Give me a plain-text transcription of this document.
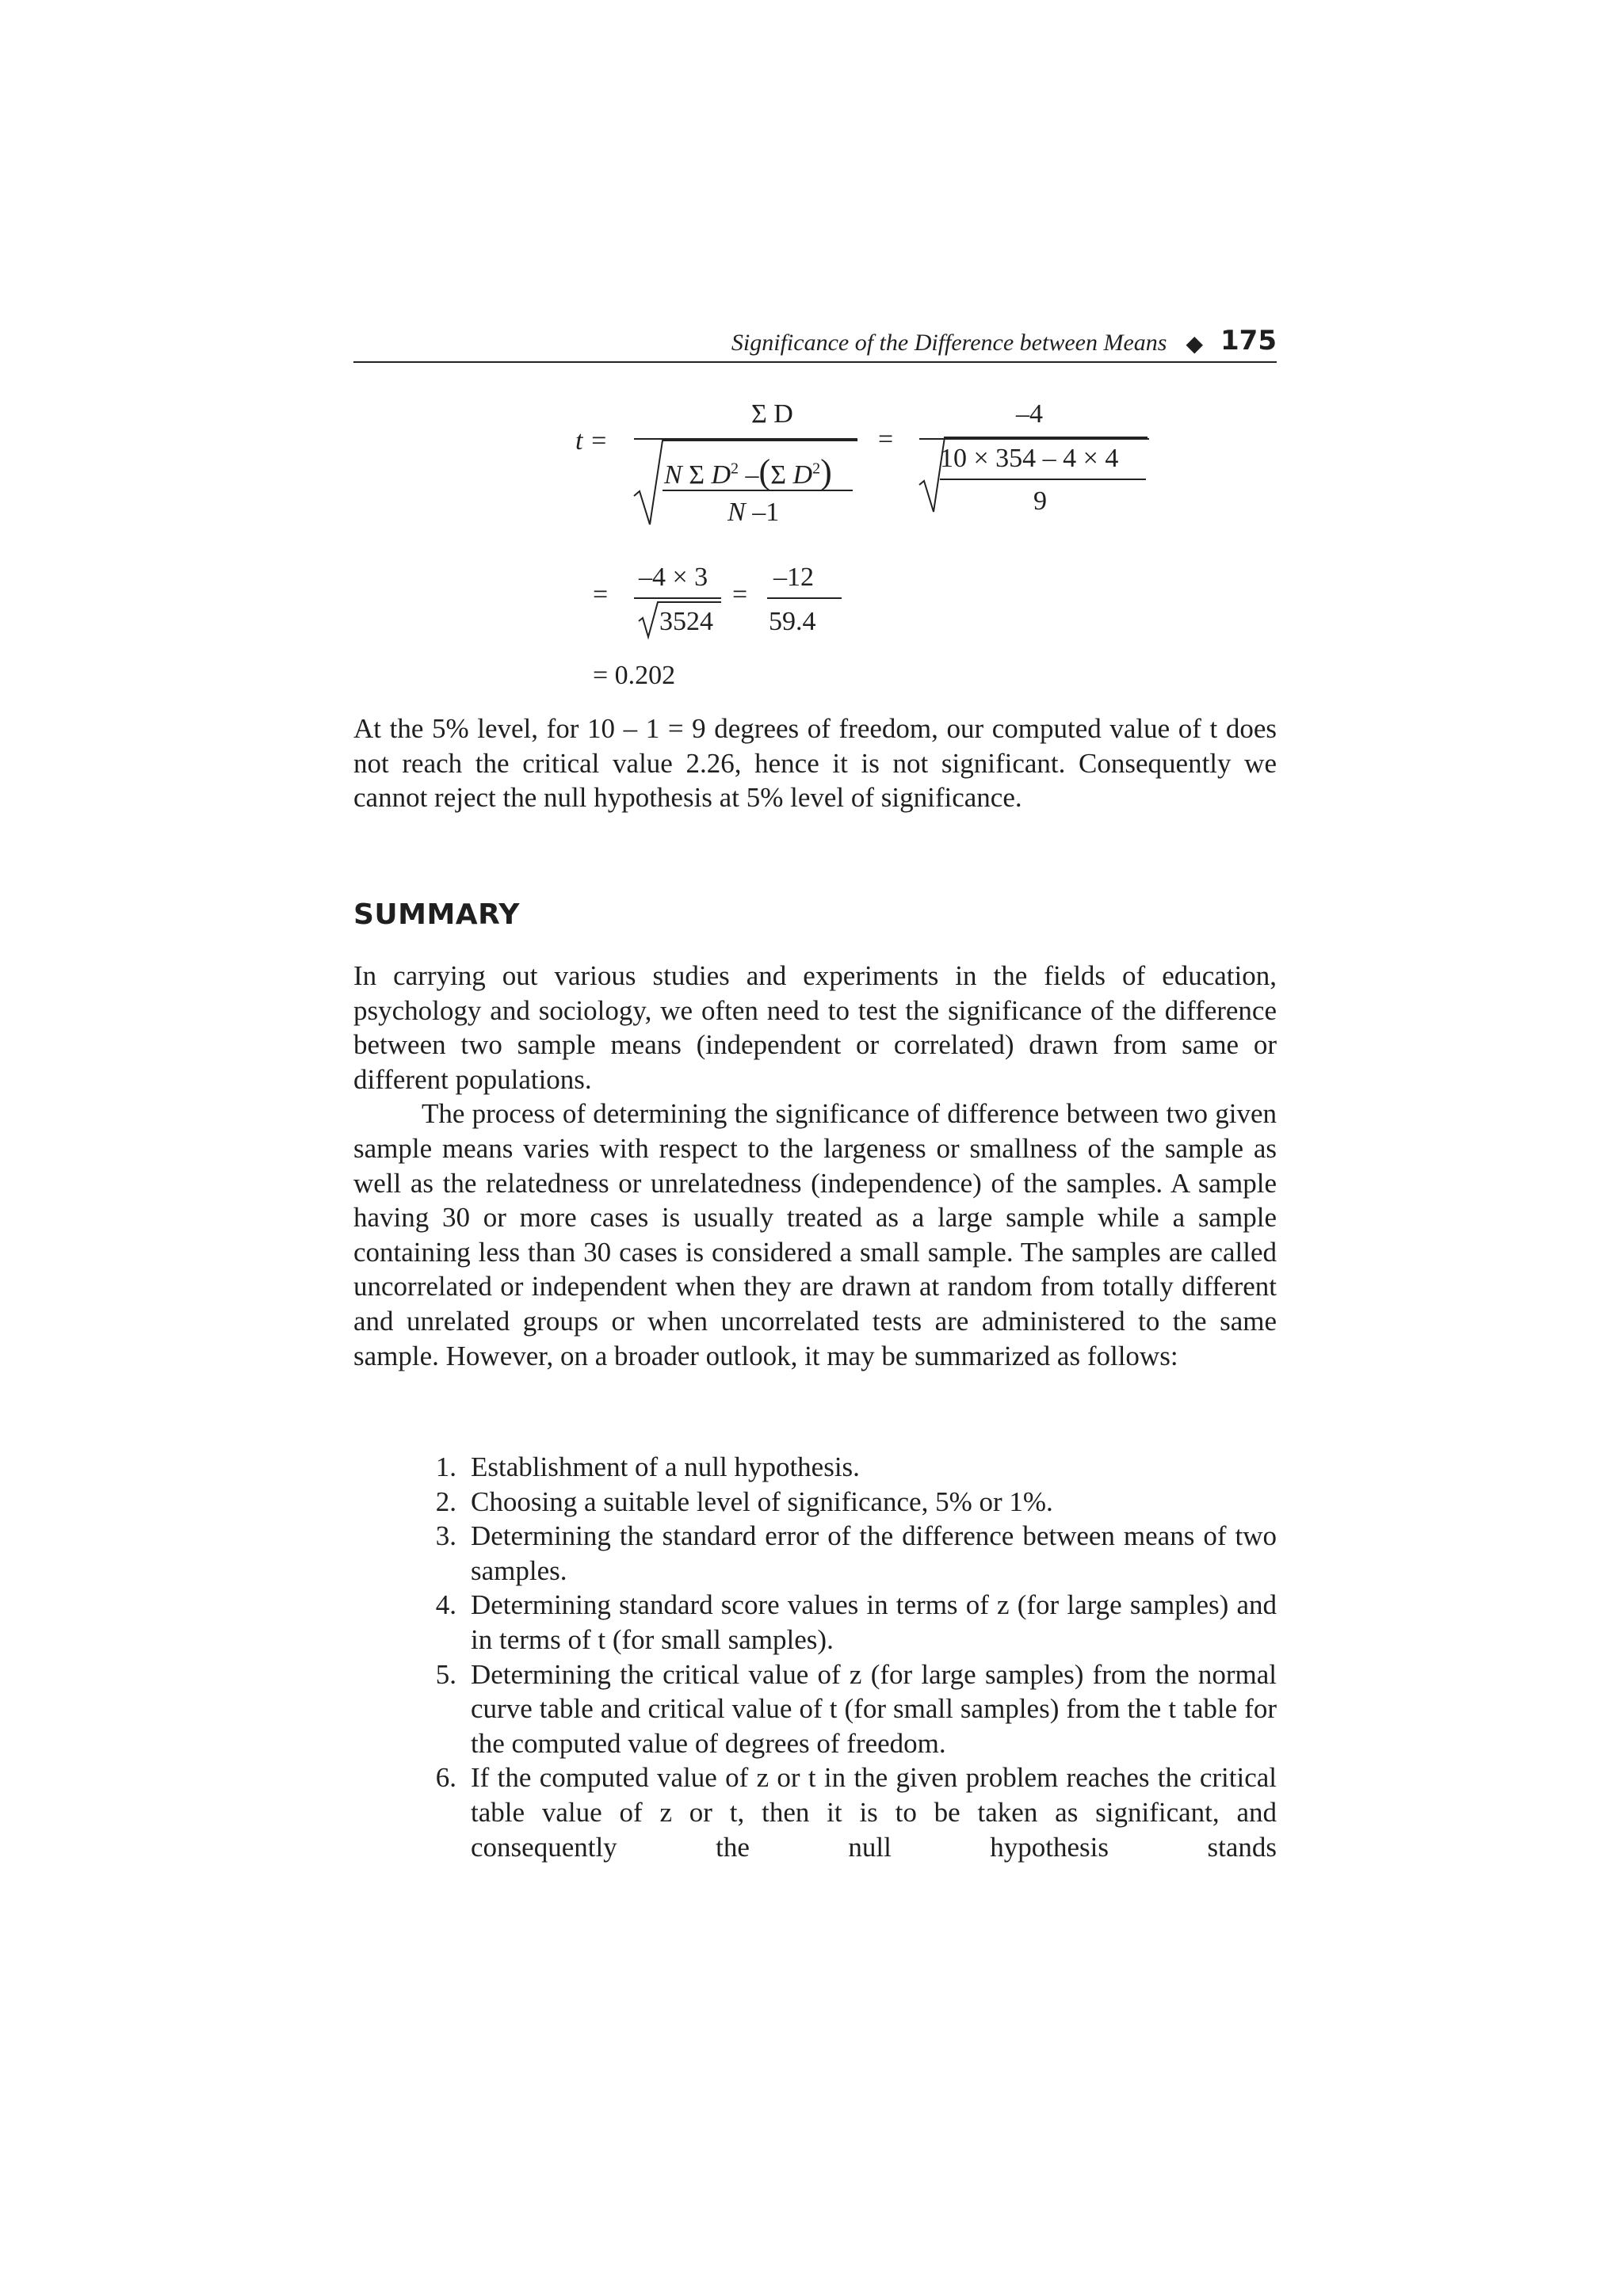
Significance of the Difference between Means ◆ 175
t =
Σ D
N Σ $D^2$ –(Σ $D^2$)
N –1
=
–4
10 × 354 – 4 × 4
9
=
–4 × 3
3524
=
–12
59.4
= 0.202

At the 5% level, for 10 – 1 = 9 degrees of freedom, our computed value of t does not reach the critical value 2.26, hence it is not significant. Consequently we cannot reject the null hypothesis at 5% level of significance.

SUMMARY

In carrying out various studies and experiments in the fields of education, psychology and sociology, we often need to test the significance of the difference between two sample means (independent or correlated) drawn from same or different populations.

The process of determining the significance of difference between two given sample means varies with respect to the largeness or smallness of the sample as well as the relatedness or unrelatedness (independence) of the samples. A sample having 30 or more cases is usually treated as a large sample while a sample containing less than 30 cases is considered a small sample. The samples are called uncorrelated or independent when they are drawn at random from totally different and unrelated groups or when uncorrelated tests are administered to the same sample. However, on a broader outlook, it may be summarized as follows:

1. Establishment of a null hypothesis.
2. Choosing a suitable level of significance, 5% or 1%.
3. Determining the standard error of the difference between means of two samples.
4. Determining standard score values in terms of z (for large samples) and in terms of t (for small samples).
5. Determining the critical value of z (for large samples) from the normal curve table and critical value of t (for small samples) from the t table for the computed value of degrees of freedom.
6. If the computed value of z or t in the given problem reaches the critical table value of z or t, then it is to be taken as significant, and consequently the null hypothesis stands
